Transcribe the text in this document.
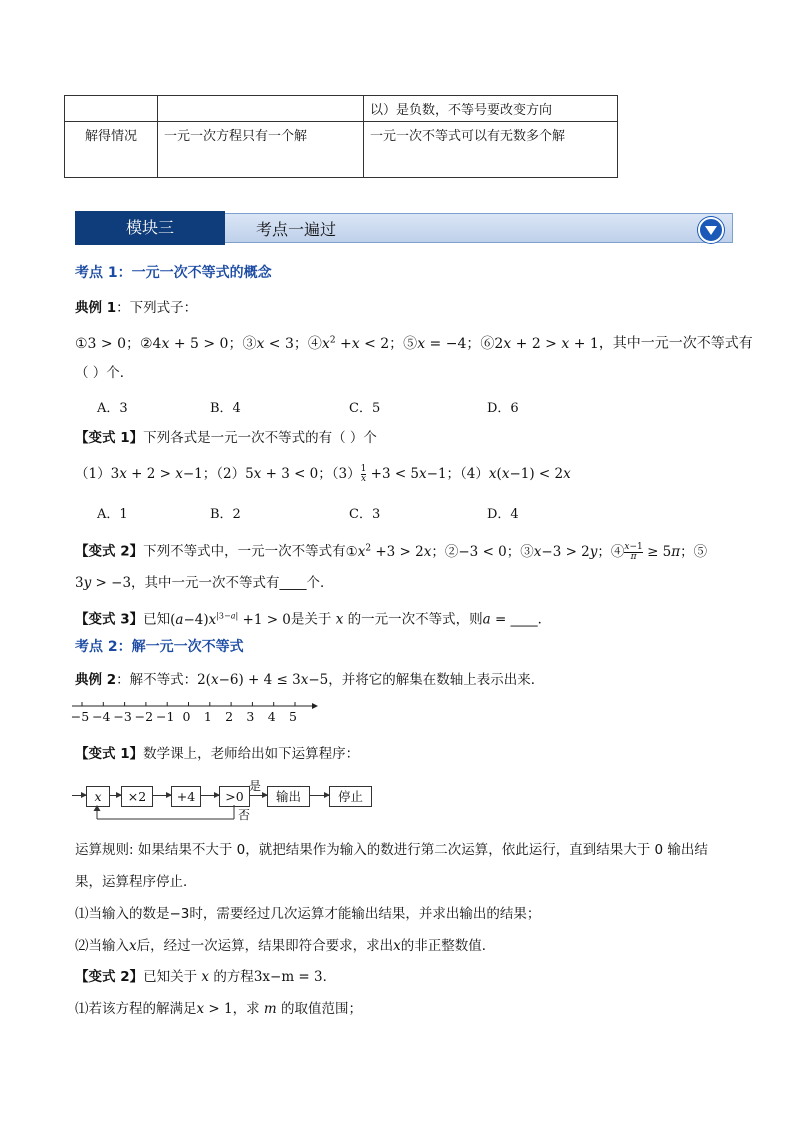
		以）是负数，不等号要改变方向
解得情况	一元一次方程只有一个解	一元一次不等式可以有无数多个解
考点一遍过
模块三
考点 1：一元一次不等式的概念
典例 1：下列式子：
①3 > 0；②4x + 5 > 0；③x < 3；$④x^2 +x < 2$；⑤x = −4；⑥2x + 2 > x + 1，其中一元一次不等式有
（ ）个．
A．3	B．4	C．5	D．6
【变式 1】下列各式是一元一次不等式的有（ ）个
（1）3x + 2 > x−1；（2）5x + 3 < 0；$(3) \frac{1}{x} +3 < 5x-1$；（4）x(x−1) < 2x
A．1	B．2	C．3	D．4
【变式 2】下列不等式中，一元一次不等式有$①x^2 +3 > 2x$；②−3 < 0；③x−3 > 2y；④ $\frac{x-1}{\pi} \ge 5\pi$；⑤
3y > −3，其中一元一次不等式有____个．
【变式 3】已知$(a-4)x^{|3-a|} +1 > 0$是关于 x 的一元一次不等式，则a = ____．
考点 2：解一元一次不等式
典例 2：解不等式：2(x−6) + 4 ≤ 3x−5，并将它的解集在数轴上表示出来．
−5 −4 −3 −2 −1 0	1	2	3	4	5
【变式 1】数学课上，老师给出如下运算程序：
x	×2	+4	>0
是
输出	停止
否
运算规则: 如果结果不大于 0，就把结果作为输入的数进行第二次运算，依此运行，直到结果大于 0 输出结
果，运算程序停止．
⑴当输入的数是−3时，需要经过几次运算才能输出结果，并求出输出的结果；
⑵当输入x后，经过一次运算，结果即符合要求，求出x的非正整数值．
【变式 2】已知关于 x 的方程3x−m = 3．
⑴若该方程的解满足x > 1，求 m 的取值范围；
